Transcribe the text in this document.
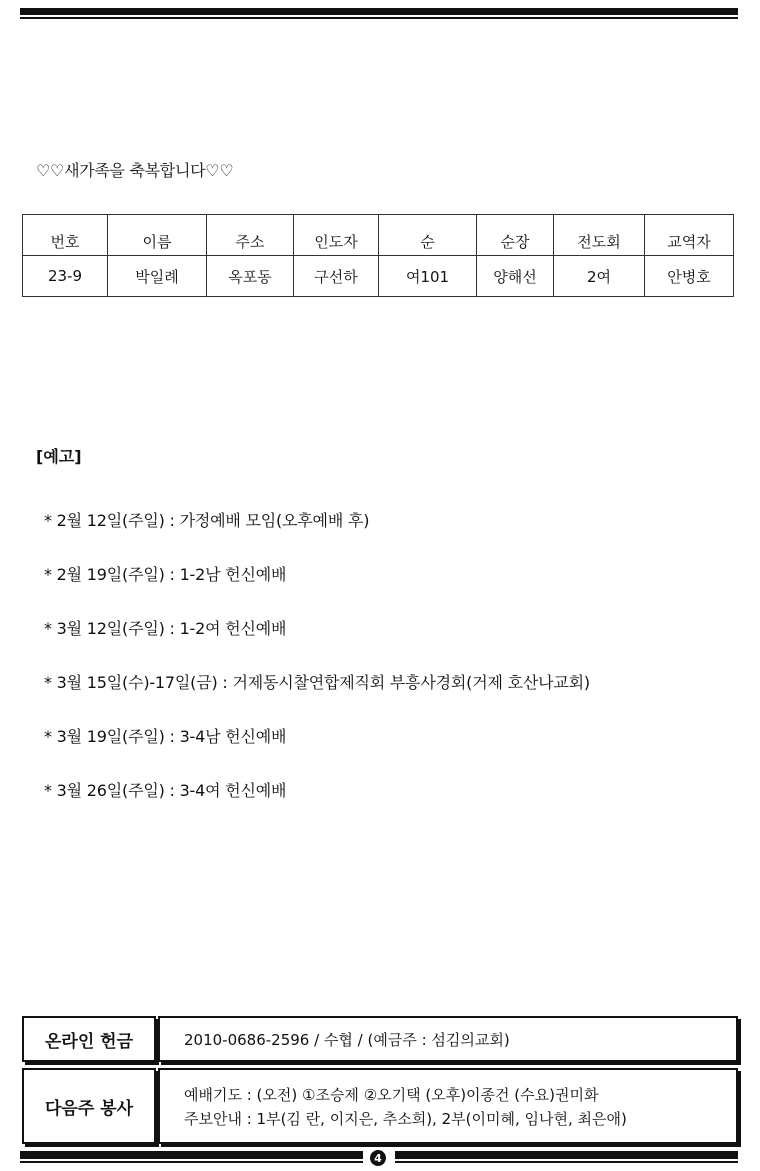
♡♡새가족을 축복합니다♡♡
번호	이름	주소	인도자	순	순장	전도회	교역자
23-9	박일례	옥포동	구선하	여101	양해선	2여	안병호
[예고]
* 2월 12일(주일) : 가정예배 모임(오후예배 후)
* 2월 19일(주일) : 1-2남 헌신예배
* 3월 12일(주일) : 1-2여 헌신예배
* 3월 15일(수)-17일(금) : 거제동시찰연합제직회 부흥사경회(거제 호산나교회)
* 3월 19일(주일) : 3-4남 헌신예배
* 3월 26일(주일) : 3-4여 헌신예배
온라인 헌금	2010-0686-2596 / 수협 / (예금주 : 섬김의교회)
다음주 봉사
예배기도 : (오전) ①조승제 ②오기택 (오후)이종건 (수요)권미화
주보안내 : 1부(김 란, 이지은, 추소희), 2부(이미혜, 임나현, 최은애)
4
